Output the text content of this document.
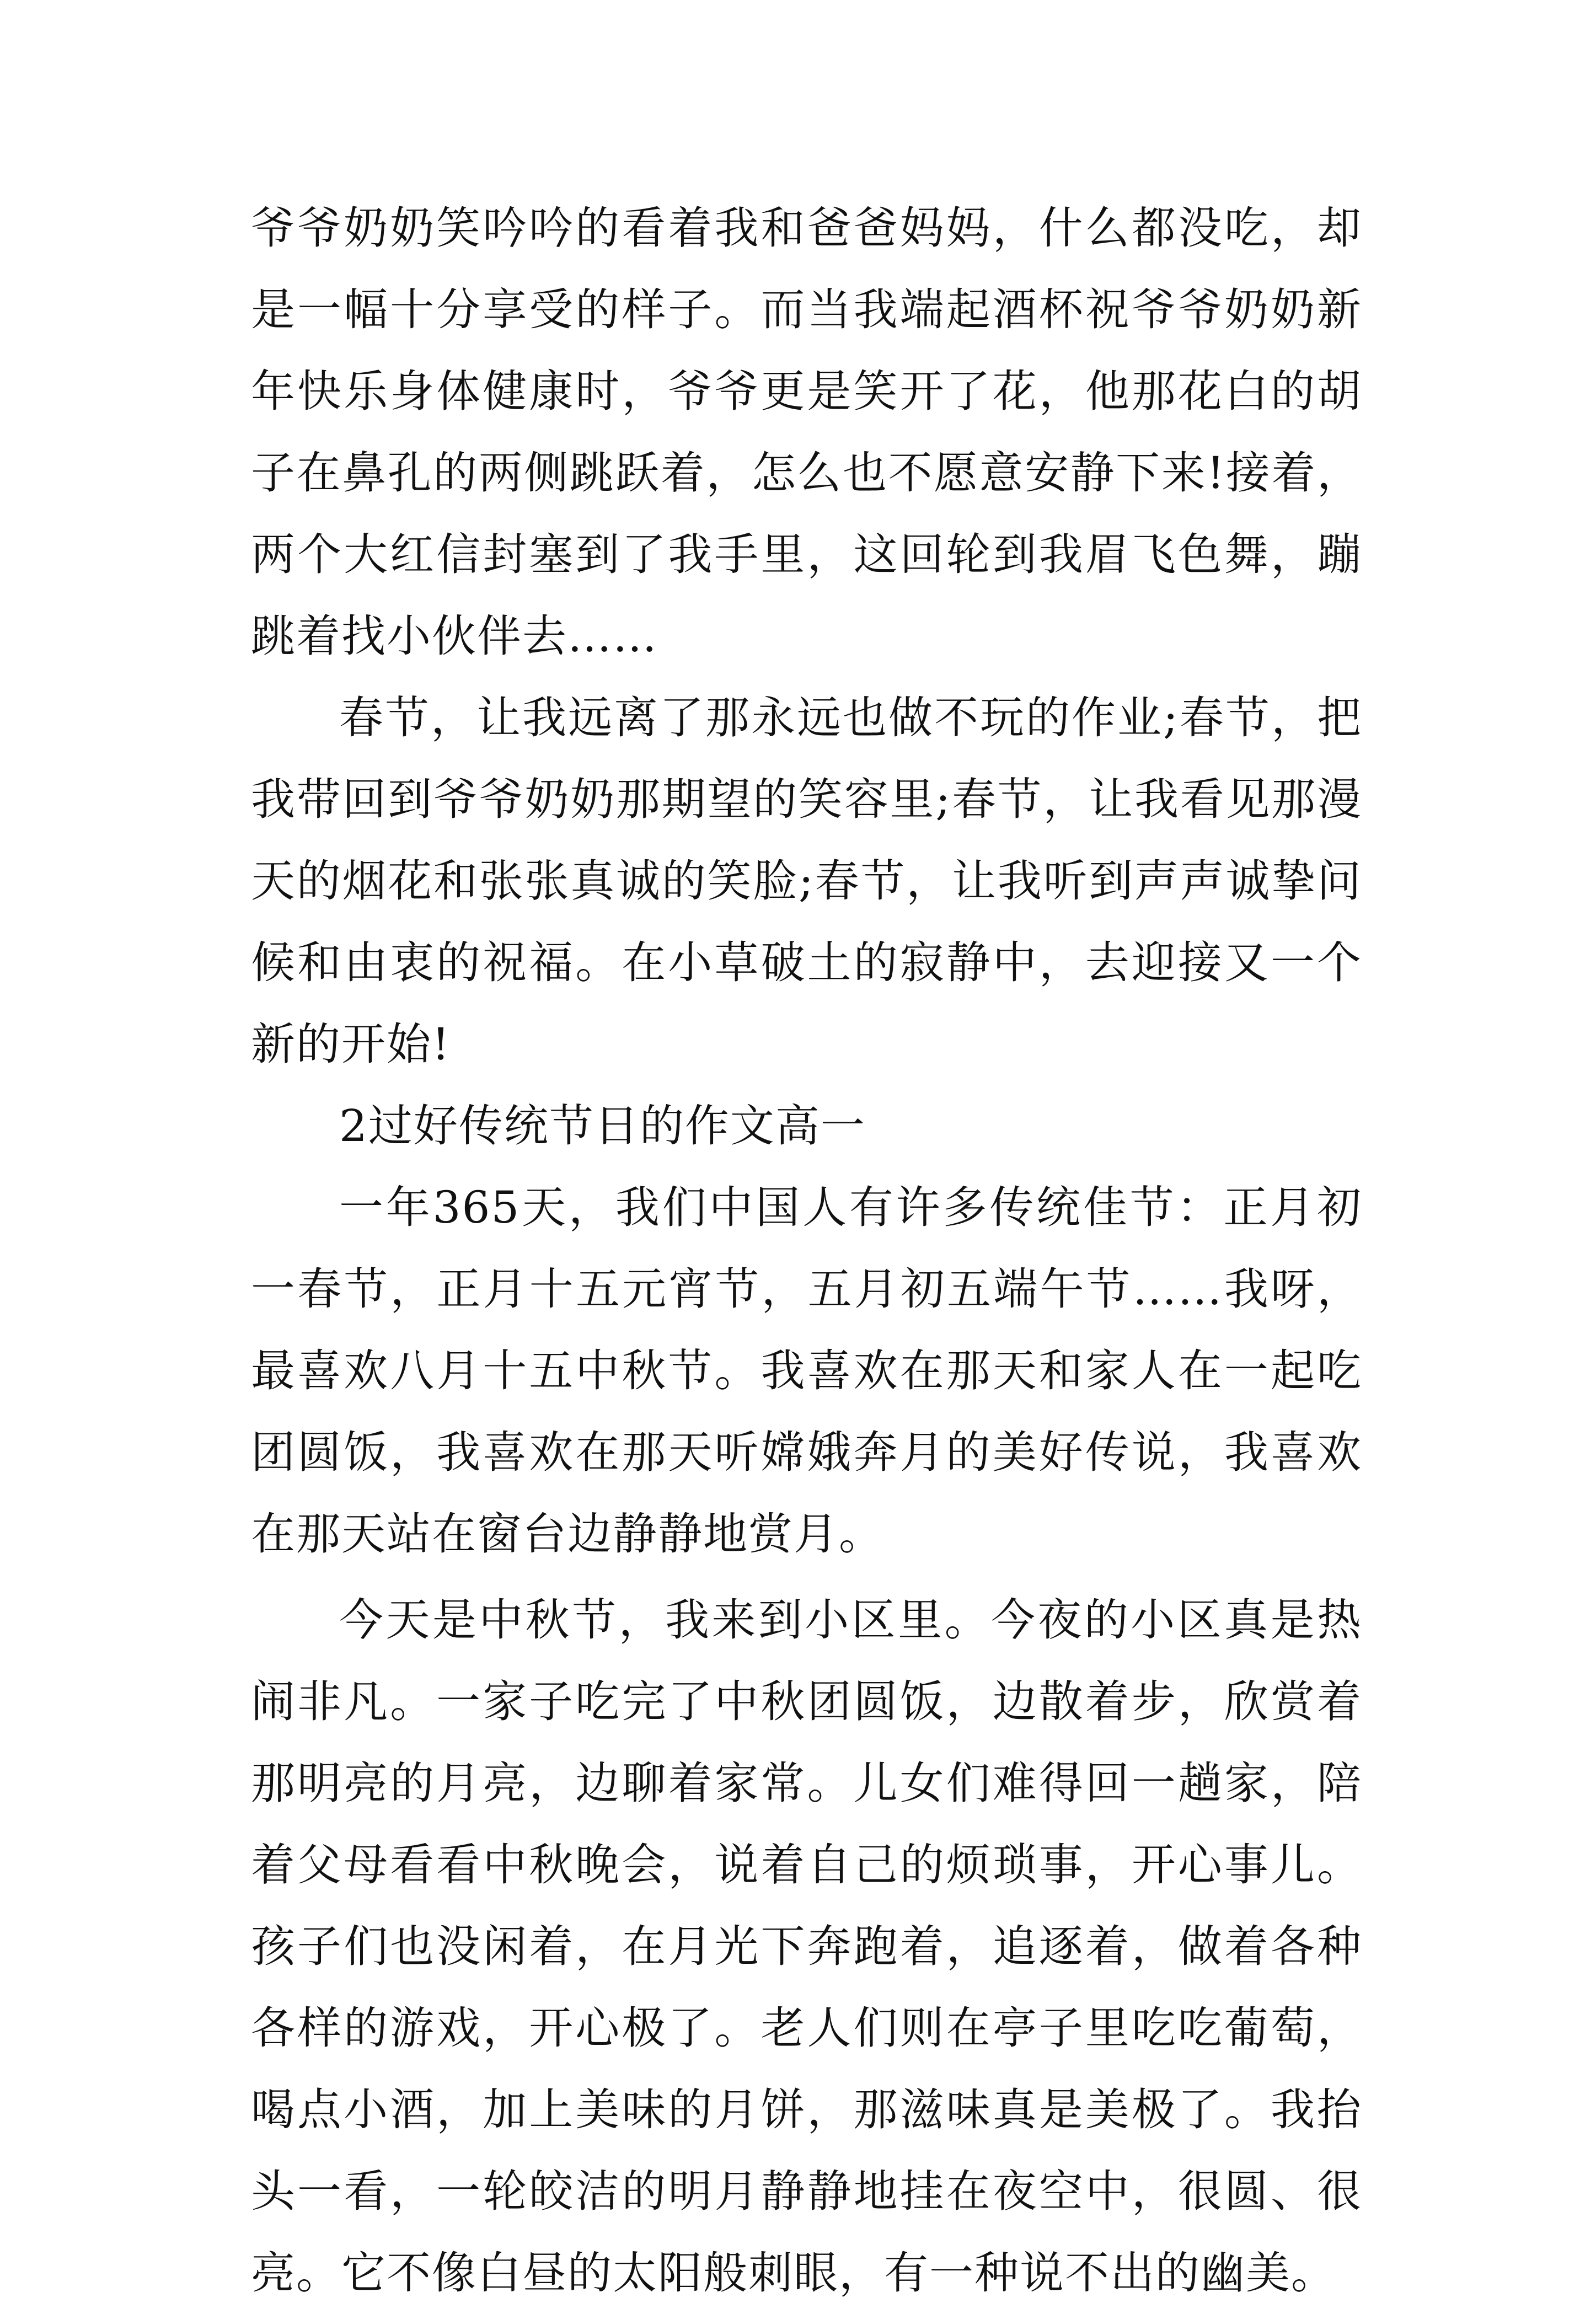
爷爷奶奶笑吟吟的看着我和爸爸妈妈，什么都没吃，却是一幅十分享受的样子。而当我端起酒杯祝爷爷奶奶新年快乐身体健康时，爷爷更是笑开了花，他那花白的胡子在鼻孔的两侧跳跃着，怎么也不愿意安静下来!接着，两个大红信封塞到了我手里，这回轮到我眉飞色舞，蹦跳着找小伙伴去……

春节，让我远离了那永远也做不玩的作业;春节，把我带回到爷爷奶奶那期望的笑容里;春节，让我看见那漫天的烟花和张张真诚的笑脸;春节，让我听到声声诚挚问候和由衷的祝福。在小草破土的寂静中，去迎接又一个新的开始!

2过好传统节日的作文高一

一年365天，我们中国人有许多传统佳节：正月初一春节，正月十五元宵节，五月初五端午节……我呀，最喜欢八月十五中秋节。我喜欢在那天和家人在一起吃团圆饭，我喜欢在那天听嫦娥奔月的美好传说，我喜欢在那天站在窗台边静静地赏月。

今天是中秋节，我来到小区里。今夜的小区真是热闹非凡。一家子吃完了中秋团圆饭，边散着步，欣赏着那明亮的月亮，边聊着家常。儿女们难得回一趟家，陪着父母看看中秋晚会，说着自己的烦琐事，开心事儿。孩子们也没闲着，在月光下奔跑着，追逐着，做着各种各样的游戏，开心极了。老人们则在亭子里吃吃葡萄，喝点小酒，加上美味的月饼，那滋味真是美极了。我抬头一看，一轮皎洁的明月静静地挂在夜空中，很圆、很亮。它不像白昼的太阳般刺眼，有一种说不出的幽美。
